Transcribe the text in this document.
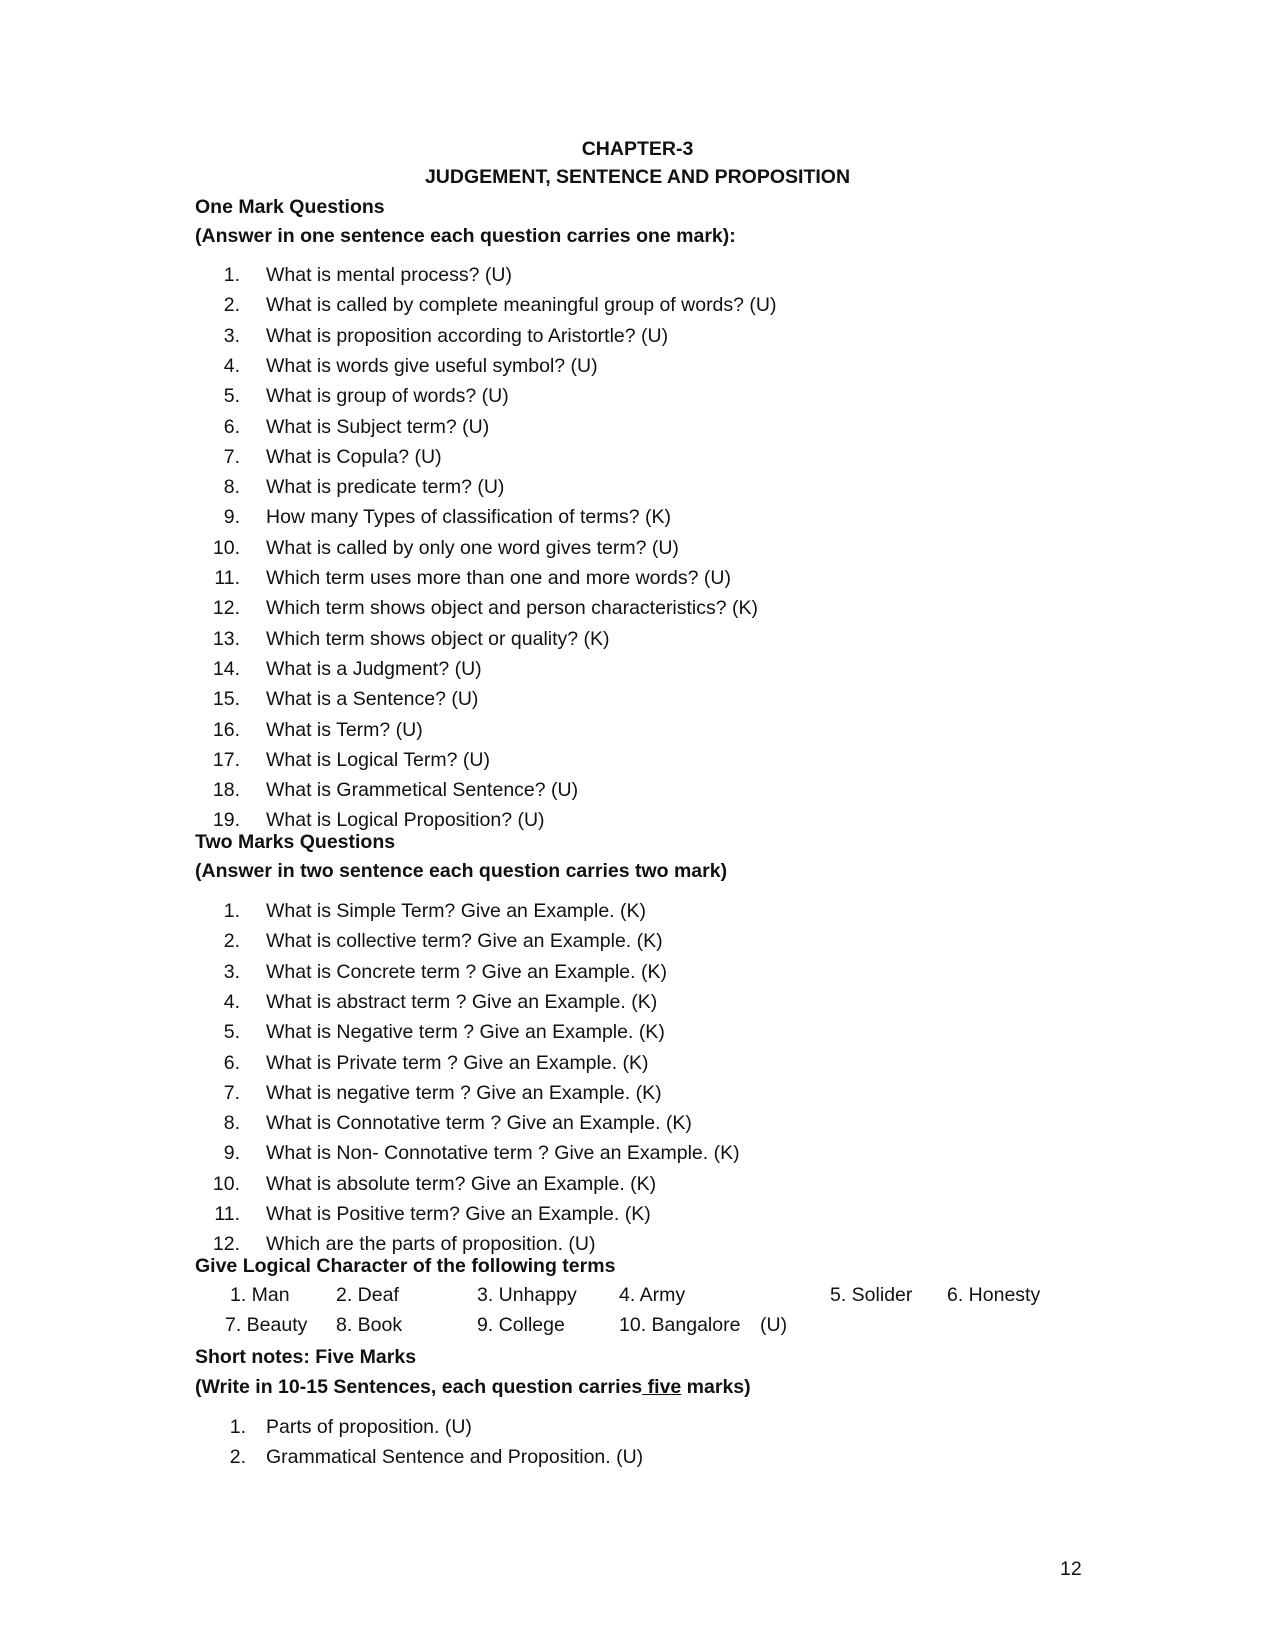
CHAPTER-3
JUDGEMENT, SENTENCE AND PROPOSITION
One Mark Questions
(Answer in one sentence each question carries one mark):
1. What is mental process? (U)
2. What is called by complete meaningful group of words? (U)
3. What is proposition according to Aristortle? (U)
4. What is words give useful symbol? (U)
5. What is group of words? (U)
6. What is Subject term? (U)
7. What is Copula? (U)
8. What is predicate term? (U)
9. How many Types of classification of terms? (K)
10. What is called by only one word gives term? (U)
11. Which term uses more than one and more words? (U)
12. Which term shows object and person characteristics? (K)
13. Which term shows object or quality? (K)
14. What is a Judgment? (U)
15. What is a Sentence? (U)
16. What is Term? (U)
17. What is Logical Term? (U)
18. What is Grammetical Sentence? (U)
19. What is Logical Proposition? (U)
Two Marks Questions
(Answer in two sentence each question carries two mark)
1. What is Simple Term? Give an Example. (K)
2. What is collective term? Give an Example. (K)
3. What is Concrete term ? Give an Example. (K)
4. What is abstract term ? Give an Example. (K)
5. What is Negative term ? Give an Example. (K)
6. What is Private term ? Give an Example. (K)
7. What is negative term ? Give an Example. (K)
8. What is Connotative term ? Give an Example. (K)
9. What is Non- Connotative term ? Give an Example. (K)
10. What is absolute term? Give an Example. (K)
11. What is Positive term? Give an Example. (K)
12. Which are the parts of proposition. (U)
Give Logical Character of the following terms
1. Man 2. Deaf	3. Unhappy 4. Army	5. Solider 6. Honesty
7. Beauty 8. Book	9. College	10. Bangalore (U)
Short notes: Five Marks
(Write in 10-15 Sentences, each question carries five marks)
1. Parts of proposition. (U)
2. Grammatical Sentence and Proposition. (U)
12
